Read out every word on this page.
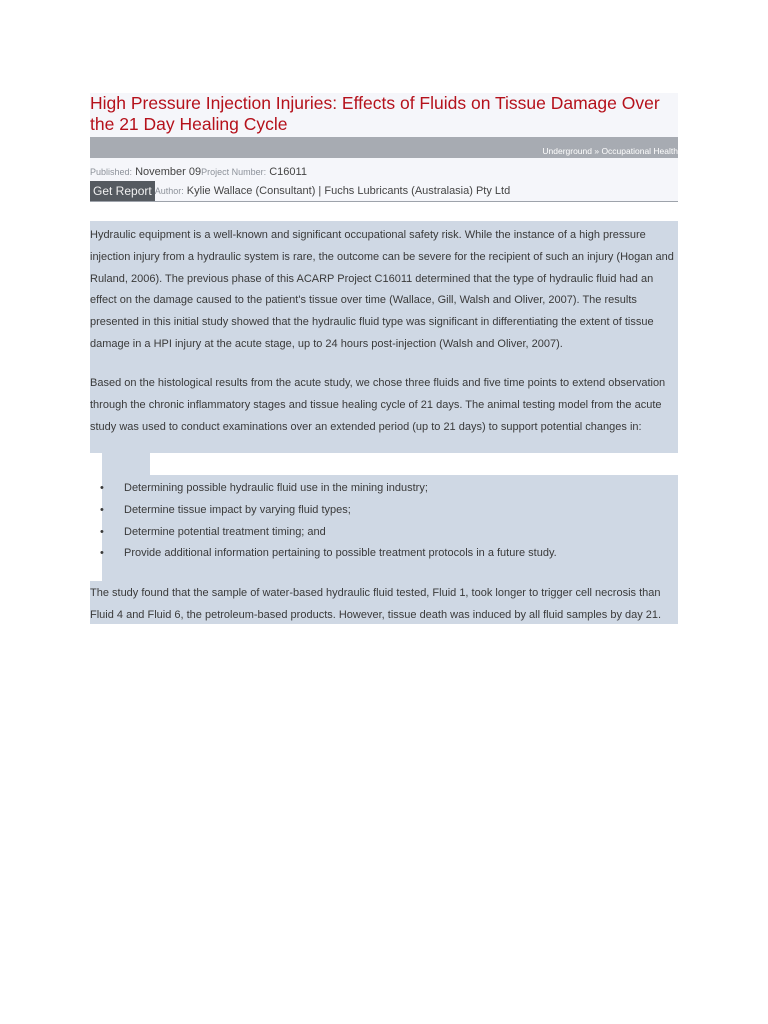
High Pressure Injection Injuries: Effects of Fluids on Tissue Damage Over the 21 Day Healing Cycle
Underground » Occupational Health
Published: November 09Project Number: C16011
Get Report Author: Kylie Wallace (Consultant) | Fuchs Lubricants (Australasia) Pty Ltd

Hydraulic equipment is a well-known and significant occupational safety risk. While the instance of a high pressure injection injury from a hydraulic system is rare, the outcome can be severe for the recipient of such an injury (Hogan and Ruland, 2006). The previous phase of this ACARP Project C16011 determined that the type of hydraulic fluid had an effect on the damage caused to the patient's tissue over time (Wallace, Gill, Walsh and Oliver, 2007). The results presented in this initial study showed that the hydraulic fluid type was significant in differentiating the extent of tissue damage in a HPI injury at the acute stage, up to 24 hours post-injection (Walsh and Oliver, 2007).

Based on the histological results from the acute study, we chose three fluids and five time points to extend observation through the chronic inflammatory stages and tissue healing cycle of 21 days. The animal testing model from the acute study was used to conduct examinations over an extended period (up to 21 days) to support potential changes in:

• Determining possible hydraulic fluid use in the mining industry;
• Determine tissue impact by varying fluid types;
• Determine potential treatment timing; and
• Provide additional information pertaining to possible treatment protocols in a future study.

The study found that the sample of water-based hydraulic fluid tested, Fluid 1, took longer to trigger cell necrosis than Fluid 4 and Fluid 6, the petroleum-based products. However, tissue death was induced by all fluid samples by day 21.
